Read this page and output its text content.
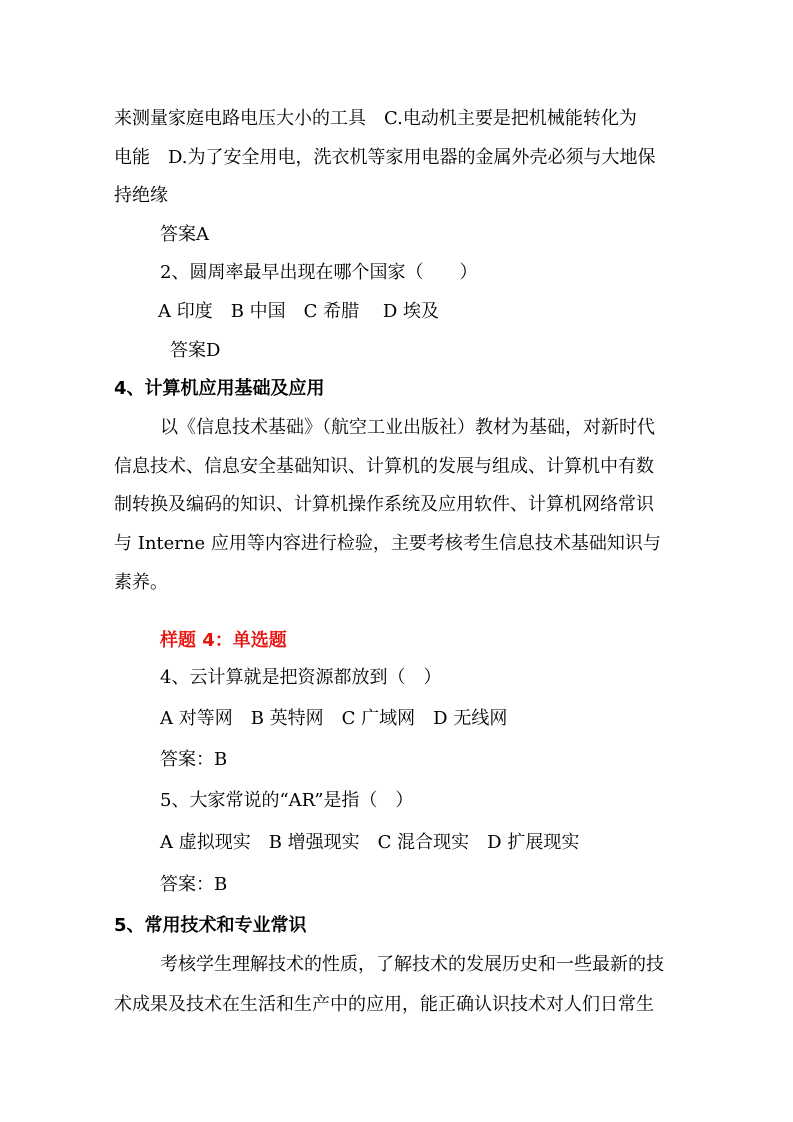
来测量家庭电路电压大小的工具　C.电动机主要是把机械能转化为
电能　D.为了安全用电，洗衣机等家用电器的金属外壳必须与大地保
持绝缘
答案A
2、圆周率最早出现在哪个国家（　　）
A 印度　B 中国　C 希腊　 D 埃及
答案D
4、计算机应用基础及应用
以《信息技术基础》（航空工业出版社）教材为基础，对新时代
信息技术、信息安全基础知识、计算机的发展与组成、计算机中有数
制转换及编码的知识、计算机操作系统及应用软件、计算机网络常识
与 Interne 应用等内容进行检验，主要考核考生信息技术基础知识与
素养。
样题 4：单选题
4、云计算就是把资源都放到（　）
A 对等网　B 英特网　C 广域网　D 无线网
答案：B
5、大家常说的“AR”是指（　）
A 虚拟现实　B 增强现实　C 混合现实　D 扩展现实
答案：B
5、常用技术和专业常识
考核学生理解技术的性质，了解技术的发展历史和一些最新的技
术成果及技术在生活和生产中的应用，能正确认识技术对人们日常生
